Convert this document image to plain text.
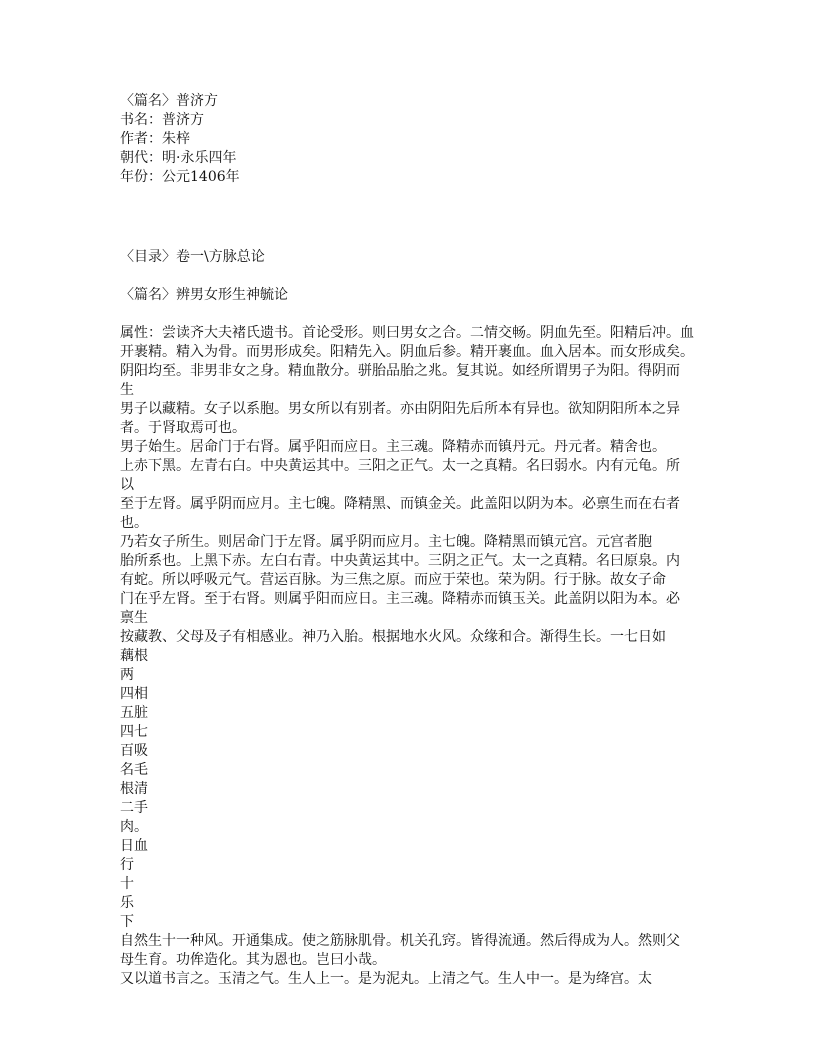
〈篇名〉普济方
书名：普济方
作者：朱梓
朝代：明·永乐四年
年份：公元1406年
〈目录〉卷一\方脉总论
〈篇名〉辨男女形生神毓论
属性：尝读齐大夫褚氏遗书。首论受形。则曰男女之合。二情交畅。阴血先至。阳精后冲。血
开裹精。精入为骨。而男形成矣。阳精先入。阴血后参。精开裹血。血入居本。而女形成矣。
阴阳均至。非男非女之身。精血散分。骈胎品胎之兆。复其说。如经所谓男子为阳。得阴而
生
男子以藏精。女子以系胞。男女所以有别者。亦由阴阳先后所本有异也。欲知阴阳所本之异
者。于肾取焉可也。
男子始生。居命门于右肾。属乎阳而应日。主三魂。降精赤而镇丹元。丹元者。精舍也。
上赤下黑。左青右白。中央黄运其中。三阳之正气。太一之真精。名曰弱水。内有元龟。所
以
至于左肾。属乎阴而应月。主七魄。降精黑、而镇金关。此盖阳以阴为本。必禀生而在右者
也。
乃若女子所生。则居命门于左肾。属乎阴而应月。主七魄。降精黑而镇元宫。元宫者胞
胎所系也。上黑下赤。左白右青。中央黄运其中。三阴之正气。太一之真精。名曰原泉。内
有蛇。所以呼吸元气。营运百脉。为三焦之原。而应于荣也。荣为阴。行于脉。故女子命
门在乎左肾。至于右肾。则属乎阳而应日。主三魂。降精赤而镇玉关。此盖阴以阳为本。必
禀生
按藏教、父母及子有相感业。神乃入胎。根据地水火风。众缘和合。渐得生长。一七日如
藕根
两
四相
五脏
四七
百吸
名毛
根清
二手
肉。
日血
行
十
乐
下
自然生十一种风。开通集成。使之筋脉肌骨。机关孔窍。皆得流通。然后得成为人。然则父
母生育。功侔造化。其为恩也。岂曰小哉。
又以道书言之。玉清之气。生人上一。是为泥丸。上清之气。生人中一。是为绛宫。太
